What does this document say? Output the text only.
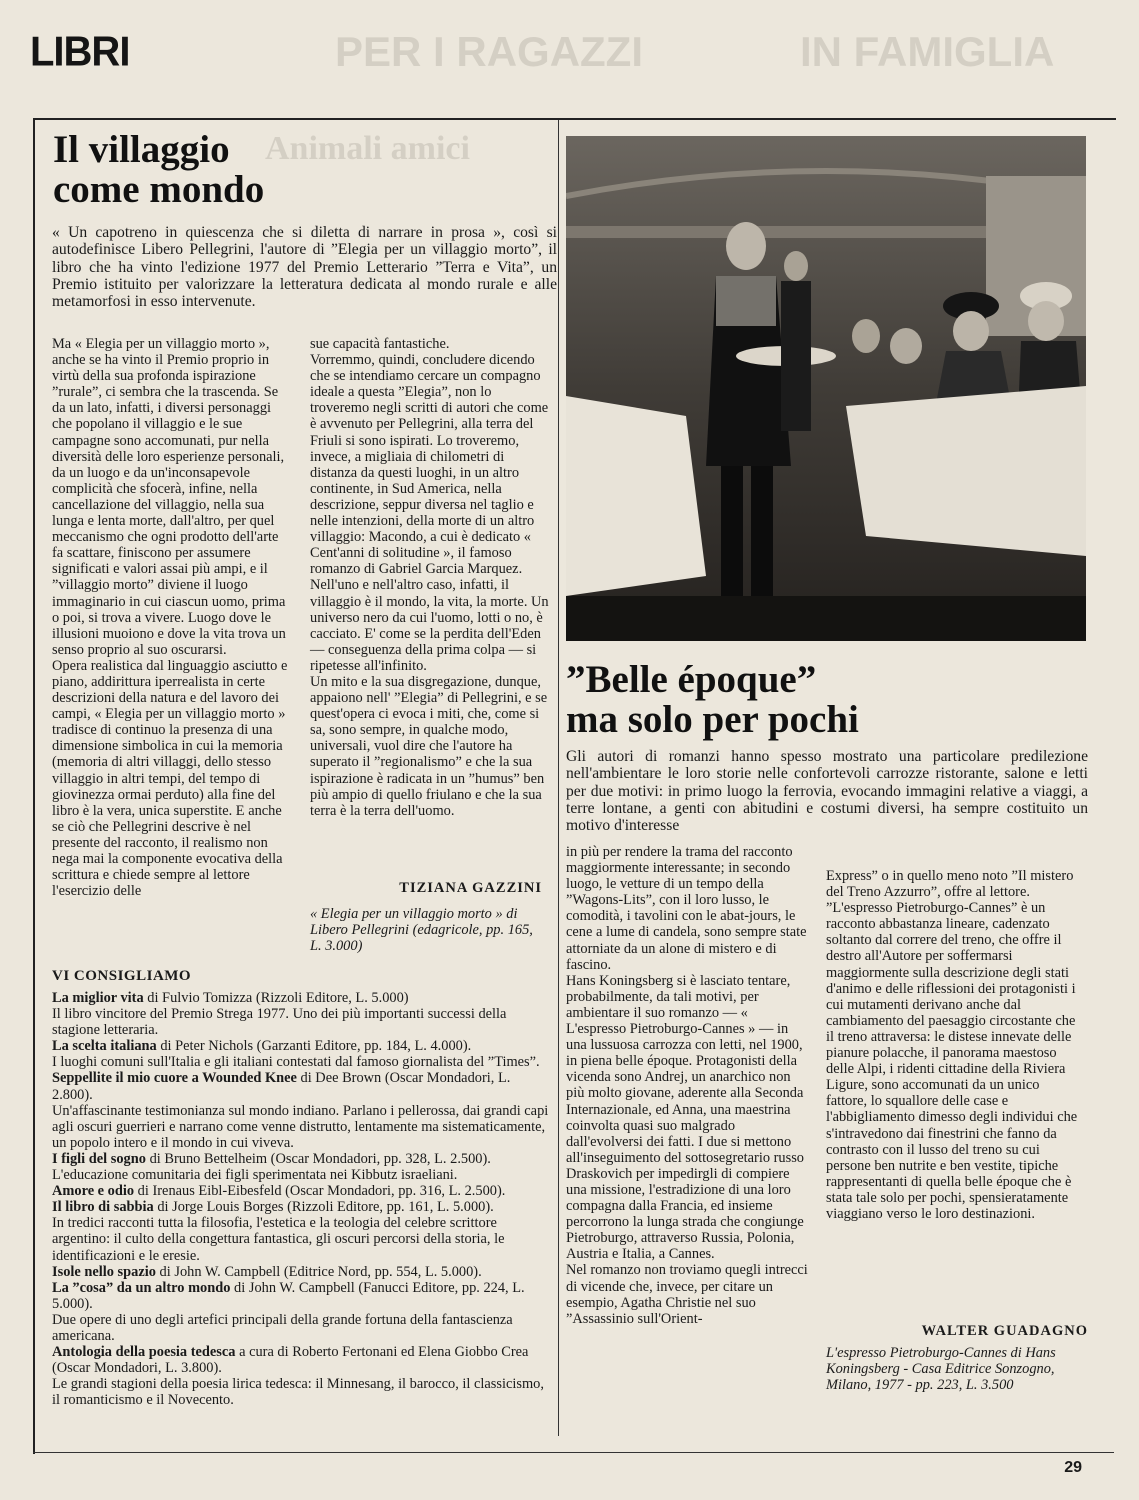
LIBRI	PER I RAGAZZI	IN FAMIGLIA
Animali amici
Il villaggio
come mondo

« Un capotreno in quiescenza che si diletta di narrare in prosa », così si autodefinisce Libero Pellegrini, l'autore di ”Elegia per un villaggio morto”, il libro che ha vinto l'edizione 1977 del Premio Letterario ”Terra e Vita”, un Premio istituito per valorizzare la letteratura dedicata al mondo rurale e alle metamorfosi in esso intervenute.

Ma « Elegia per un villaggio morto », anche se ha vinto il Premio proprio in virtù della sua profonda ispirazione ”rurale”, ci sembra che la trascenda. Se da un lato, infatti, i diversi personaggi che popolano il villaggio e le sue campagne sono accomunati, pur nella diversità delle loro esperienze personali, da un luogo e da un'inconsapevole complicità che sfocerà, infine, nella cancellazione del villaggio, nella sua lunga e lenta morte, dall'altro, per quel meccanismo che ogni prodotto dell'arte fa scattare, finiscono per assumere significati e valori assai più ampi, e il ”villaggio morto” diviene il luogo immaginario in cui ciascun uomo, prima o poi, si trova a vivere. Luogo dove le illusioni muoiono e dove la vita trova un senso proprio al suo oscurarsi.
Opera realistica dal linguaggio asciutto e piano, addirittura iperrealista in certe descrizioni della natura e del lavoro dei campi, « Elegia per un villaggio morto » tradisce di continuo la presenza di una dimensione simbolica in cui la memoria (memoria di altri villaggi, dello stesso villaggio in altri tempi, del tempo di giovinezza ormai perduto) alla fine del libro è la vera, unica superstite. E anche se ciò che Pellegrini descrive è nel presente del racconto, il realismo non nega mai la componente evocativa della scrittura e chiede sempre al lettore l'esercizio delle
sue capacità fantastiche.
Vorremmo, quindi, concludere dicendo che se intendiamo cercare un compagno ideale a questa ”Elegia”, non lo troveremo negli scritti di autori che come è avvenuto per Pellegrini, alla terra del Friuli si sono ispirati. Lo troveremo, invece, a migliaia di chilometri di distanza da questi luoghi, in un altro continente, in Sud America, nella descrizione, seppur diversa nel taglio e nelle intenzioni, della morte di un altro villaggio: Macondo, a cui è dedicato « Cent'anni di solitudine », il famoso romanzo di Gabriel Garcia Marquez.
Nell'uno e nell'altro caso, infatti, il villaggio è il mondo, la vita, la morte. Un universo nero da cui l'uomo, lotti o no, è cacciato. E' come se la perdita dell'Eden — conseguenza della prima colpa — si ripetesse all'infinito.
Un mito e la sua disgregazione, dunque, appaiono nell' ”Elegia” di Pellegrini, e se quest'opera ci evoca i miti, che, come si sa, sono sempre, in qualche modo, universali, vuol dire che l'autore ha superato il ”regionalismo” e che la sua ispirazione è radicata in un ”humus” ben più ampio di quello friulano e che la sua terra è la terra dell'uomo.
TIZIANA GAZZINI
« Elegia per un villaggio morto » di Libero Pellegrini (edagricole, pp. 165, L. 3.000)
VI CONSIGLIAMO
La miglior vita di Fulvio Tomizza (Rizzoli Editore, L. 5.000)
Il libro vincitore del Premio Strega 1977. Uno dei più importanti successi della stagione letteraria.
La scelta italiana di Peter Nichols (Garzanti Editore, pp. 184, L. 4.000).
I luoghi comuni sull'Italia e gli italiani contestati dal famoso giornalista del ”Times”.
Seppellite il mio cuore a Wounded Knee di Dee Brown (Oscar Mondadori, L. 2.800).
Un'affascinante testimonianza sul mondo indiano. Parlano i pellerossa, dai grandi capi agli oscuri guerrieri e narrano come venne distrutto, lentamente ma sistematicamente, un popolo intero e il mondo in cui viveva.
I figli del sogno di Bruno Bettelheim (Oscar Mondadori, pp. 328, L. 2.500).
L'educazione comunitaria dei figli sperimentata nei Kibbutz israeliani.
Amore e odio di Irenaus Eibl-Eibesfeld (Oscar Mondadori, pp. 316, L. 2.500).
Il libro di sabbia di Jorge Louis Borges (Rizzoli Editore, pp. 161, L. 5.000).
In tredici racconti tutta la filosofia, l'estetica e la teologia del celebre scrittore argentino: il culto della congettura fantastica, gli oscuri percorsi della storia, le identificazioni e le eresie.
Isole nello spazio di John W. Campbell (Editrice Nord, pp. 554, L. 5.000).
La ”cosa” da un altro mondo di John W. Campbell (Fanucci Editore, pp. 224, L. 5.000).
Due opere di uno degli artefici principali della grande fortuna della fantascienza americana.
Antologia della poesia tedesca a cura di Roberto Fertonani ed Elena Giobbo Crea (Oscar Mondadori, L. 3.800).
Le grandi stagioni della poesia lirica tedesca: il Minnesang, il barocco, il classicismo, il romanticismo e il Novecento.
”Belle époque”
ma solo per pochi

Gli autori di romanzi hanno spesso mostrato una particolare predilezione nell'ambientare le loro storie nelle confortevoli carrozze ristorante, salone e letti per due motivi: in primo luogo la ferrovia, evocando immagini relative a viaggi, a terre lontane, a genti con abitudini e costumi diversi, ha sempre costituito un motivo d'interesse

in più per rendere la trama del racconto maggiormente interessante; in secondo luogo, le vetture di un tempo della ”Wagons-Lits”, con il loro lusso, le comodità, i tavolini con le abat-jours, le cene a lume di candela, sono sempre state attorniate da un alone di mistero e di fascino.
Hans Koningsberg si è lasciato tentare, probabilmente, da tali motivi, per ambientare il suo romanzo — « L'espresso Pietroburgo-Cannes » — in una lussuosa carrozza con letti, nel 1900, in piena belle époque. Protagonisti della vicenda sono Andrej, un anarchico non più molto giovane, aderente alla Seconda Internazionale, ed Anna, una maestrina coinvolta quasi suo malgrado dall'evolversi dei fatti. I due si mettono all'inseguimento del sottosegretario russo Draskovich per impedirgli di compiere una missione, l'estradizione di una loro compagna dalla Francia, ed insieme percorrono la lunga strada che congiunge Pietroburgo, attraverso Russia, Polonia, Austria e Italia, a Cannes.
Nel romanzo non troviamo quegli intrecci di vicende che, invece, per citare un esempio, Agatha Christie nel suo ”Assassinio sull'Orient-
Express” o in quello meno noto ”Il mistero del Treno Azzurro”, offre al lettore. ”L'espresso Pietroburgo-Cannes” è un racconto abbastanza lineare, cadenzato soltanto dal correre del treno, che offre il destro all'Autore per soffermarsi maggiormente sulla descrizione degli stati d'animo e delle riflessioni dei protagonisti i cui mutamenti derivano anche dal cambiamento del paesaggio circostante che il treno attraversa: le distese innevate delle pianure polacche, il panorama maestoso delle Alpi, i ridenti cittadine della Riviera Ligure, sono accomunati da un unico fattore, lo squallore delle case e l'abbigliamento dimesso degli individui che s'intravedono dai finestrini che fanno da contrasto con il lusso del treno su cui persone ben nutrite e ben vestite, tipiche rappresentanti di quella belle époque che è stata tale solo per pochi, spensieratamente viaggiano verso le loro destinazioni.
WALTER GUADAGNO
L'espresso Pietroburgo-Cannes di Hans Koningsberg - Casa Editrice Sonzogno, Milano, 1977 - pp. 223, L. 3.500
29
